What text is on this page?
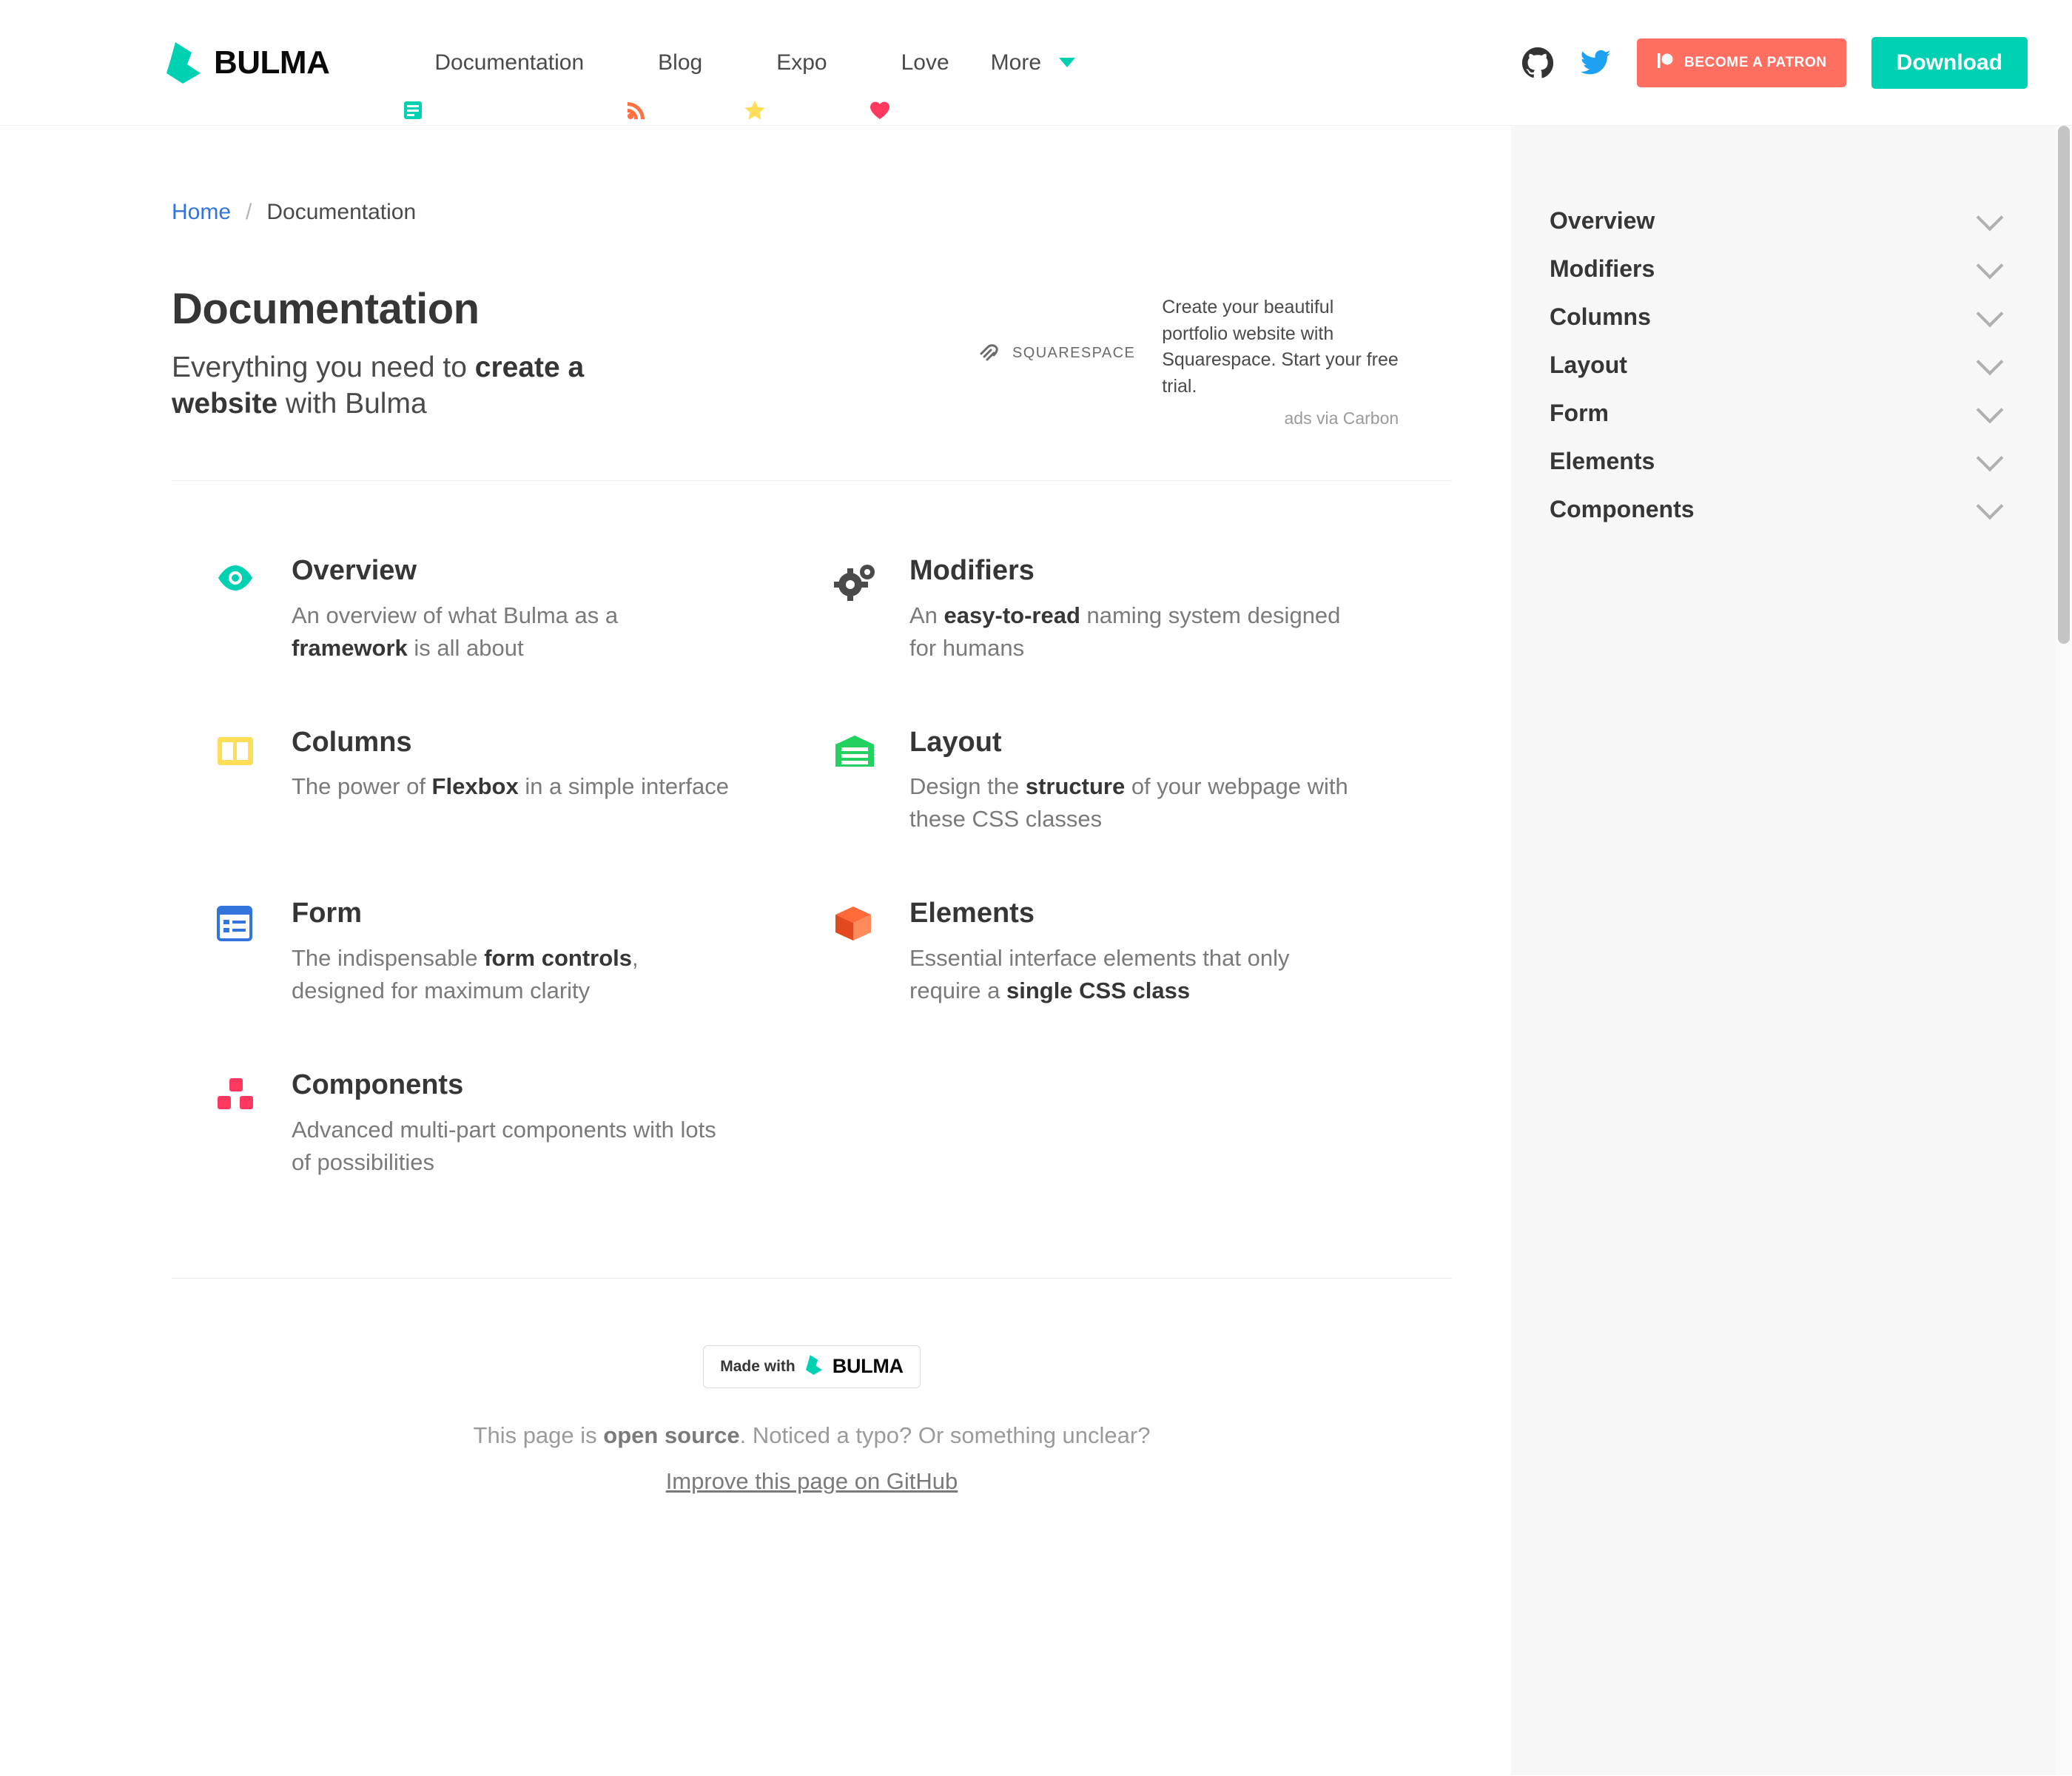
BULMA	Documentation	Blog	Expo	Love More	BECOME A PATRON	Download
Home / Documentation
Documentation
Everything you need to create a website with Bulma
SQUARESPACE

Create your beautiful portfolio website with Squarespace. Start your free trial.

ads via Carbon
Overview

An overview of what Bulma as a framework is all about

Modifiers

An easy-to-read naming system designed for humans

Columns

The power of Flexbox in a simple interface

Layout

Design the structure of your webpage with these CSS classes

Form

The indispensable form controls, designed for maximum clarity

Elements

Essential interface elements that only require a single CSS class

Components

Advanced multi-part components with lots of possibilities

Made with BULMA
This page is open source. Noticed a typo? Or something unclear?
Improve this page on GitHub
Overview
Modifiers
Columns
Layout
Form
Elements
Components
